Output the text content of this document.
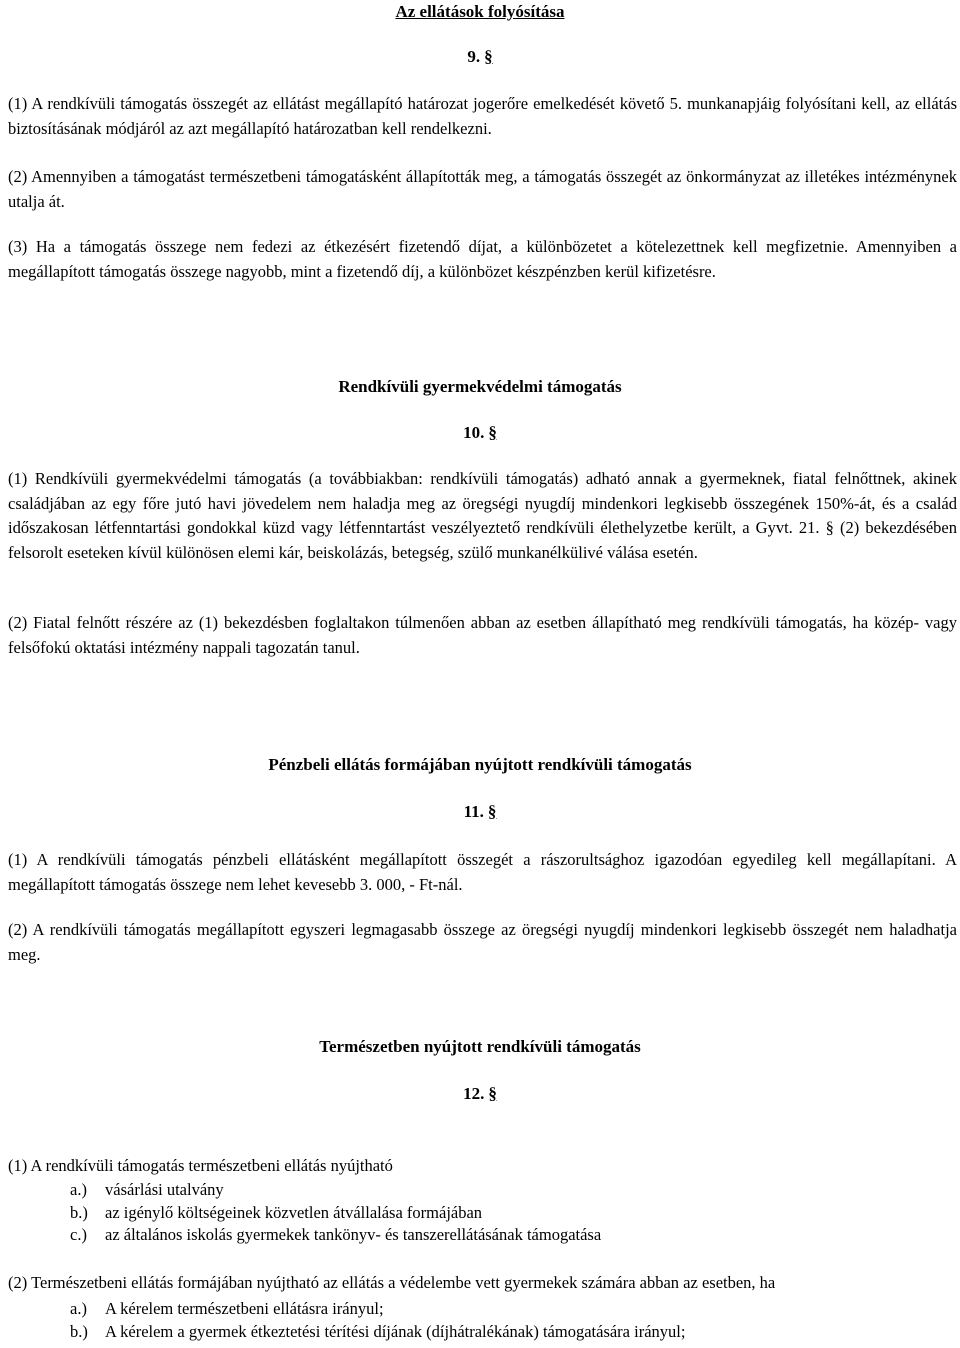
Az ellátások folyósítása
9. §
(1) A rendkívüli támogatás összegét az ellátást megállapító határozat jogerőre emelkedését követő 5. munkanapjáig folyósítani kell, az ellátás biztosításának módjáról az azt megállapító határozatban kell rendelkezni.
(2) Amennyiben a támogatást természetbeni támogatásként állapították meg, a támogatás összegét az önkormányzat az illetékes intézménynek utalja át.
(3) Ha a támogatás összege nem fedezi az étkezésért fizetendő díjat, a különbözetet a kötelezettnek kell megfizetnie. Amennyiben a megállapított támogatás összege nagyobb, mint a fizetendő díj, a különbözet készpénzben kerül kifizetésre.
Rendkívüli gyermekvédelmi támogatás
10. §
(1) Rendkívüli gyermekvédelmi támogatás (a továbbiakban: rendkívüli támogatás) adható annak a gyermeknek, fiatal felnőttnek, akinek családjában az egy főre jutó havi jövedelem nem haladja meg az öregségi nyugdíj mindenkori legkisebb összegének 150%-át, és a család időszakosan létfenntartási gondokkal küzd vagy létfenntartást veszélyeztető rendkívüli élethelyzetbe került, a Gyvt. 21. § (2) bekezdésében felsorolt eseteken kívül különösen elemi kár, beiskolázás, betegség, szülő munkanélkülivé válása esetén.
(2) Fiatal felnőtt részére az (1) bekezdésben foglaltakon túlmenően abban az esetben állapítható meg rendkívüli támogatás, ha közép- vagy felsőfokú oktatási intézmény nappali tagozatán tanul.
Pénzbeli ellátás formájában nyújtott rendkívüli támogatás
11. §
(1) A rendkívüli támogatás pénzbeli ellátásként megállapított összegét a rászorultsághoz igazodóan egyedileg kell megállapítani. A megállapított támogatás összege nem lehet kevesebb 3. 000, - Ft-nál.
(2) A rendkívüli támogatás megállapított egyszeri legmagasabb összege az öregségi nyugdíj mindenkori legkisebb összegét nem haladhatja meg.
Természetben nyújtott rendkívüli támogatás
12. §
(1) A rendkívüli támogatás természetbeni ellátás nyújtható
a.) vásárlási utalvány
b.) az igénylő költségeinek közvetlen átvállalása formájában
c.) az általános iskolás gyermekek tankönyv- és tanszerellátásának támogatása
(2) Természetbeni ellátás formájában nyújtható az ellátás a védelembe vett gyermekek számára abban az esetben, ha
a.) A kérelem természetbeni ellátásra irányul;
b.) A kérelem a gyermek étkeztetési térítési díjának (díjhátralékának) támogatására irányul;
